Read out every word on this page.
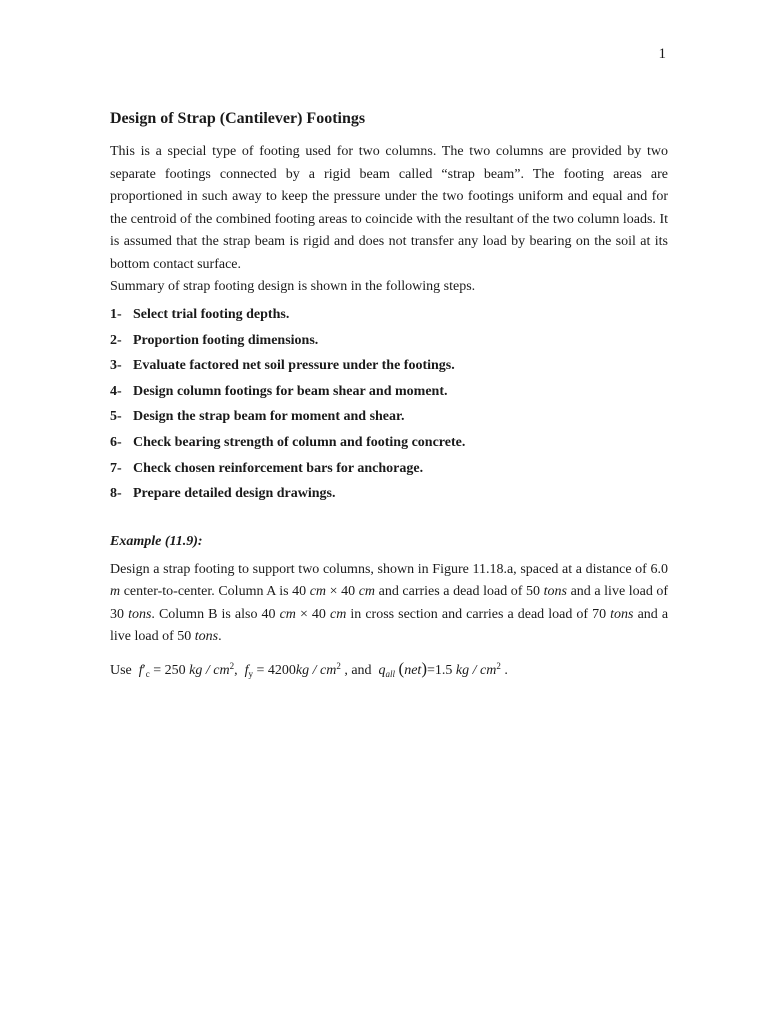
1
Design of Strap (Cantilever) Footings

This is a special type of footing used for two columns. The two columns are provided by two separate footings connected by a rigid beam called “strap beam”. The footing areas are proportioned in such away to keep the pressure under the two footings uniform and equal and for the centroid of the combined footing areas to coincide with the resultant of the two column loads. It is assumed that the strap beam is rigid and does not transfer any load by bearing on the soil at its bottom contact surface.

Summary of strap footing design is shown in the following steps.

1- Select trial footing depths.
2- Proportion footing dimensions.
3- Evaluate factored net soil pressure under the footings.
4- Design column footings for beam shear and moment.
5- Design the strap beam for moment and shear.
6- Check bearing strength of column and footing concrete.
7- Check chosen reinforcement bars for anchorage.
8- Prepare detailed design drawings.
Example (11.9):

Design a strap footing to support two columns, shown in Figure 11.18.a, spaced at a distance of 6.0 m center-to-center. Column A is 40 cm × 40 cm and carries a dead load of 50 tons and a live load of 30 tons. Column B is also 40 cm × 40 cm in cross section and carries a dead load of 70 tons and a live load of 50 tons.

Use $f'_c = 250$ kg / $cm^2$, $f_y = 4200kg / cm^2$ , and $q_{all}$ (net)=1.5 kg / $cm^2$ .
